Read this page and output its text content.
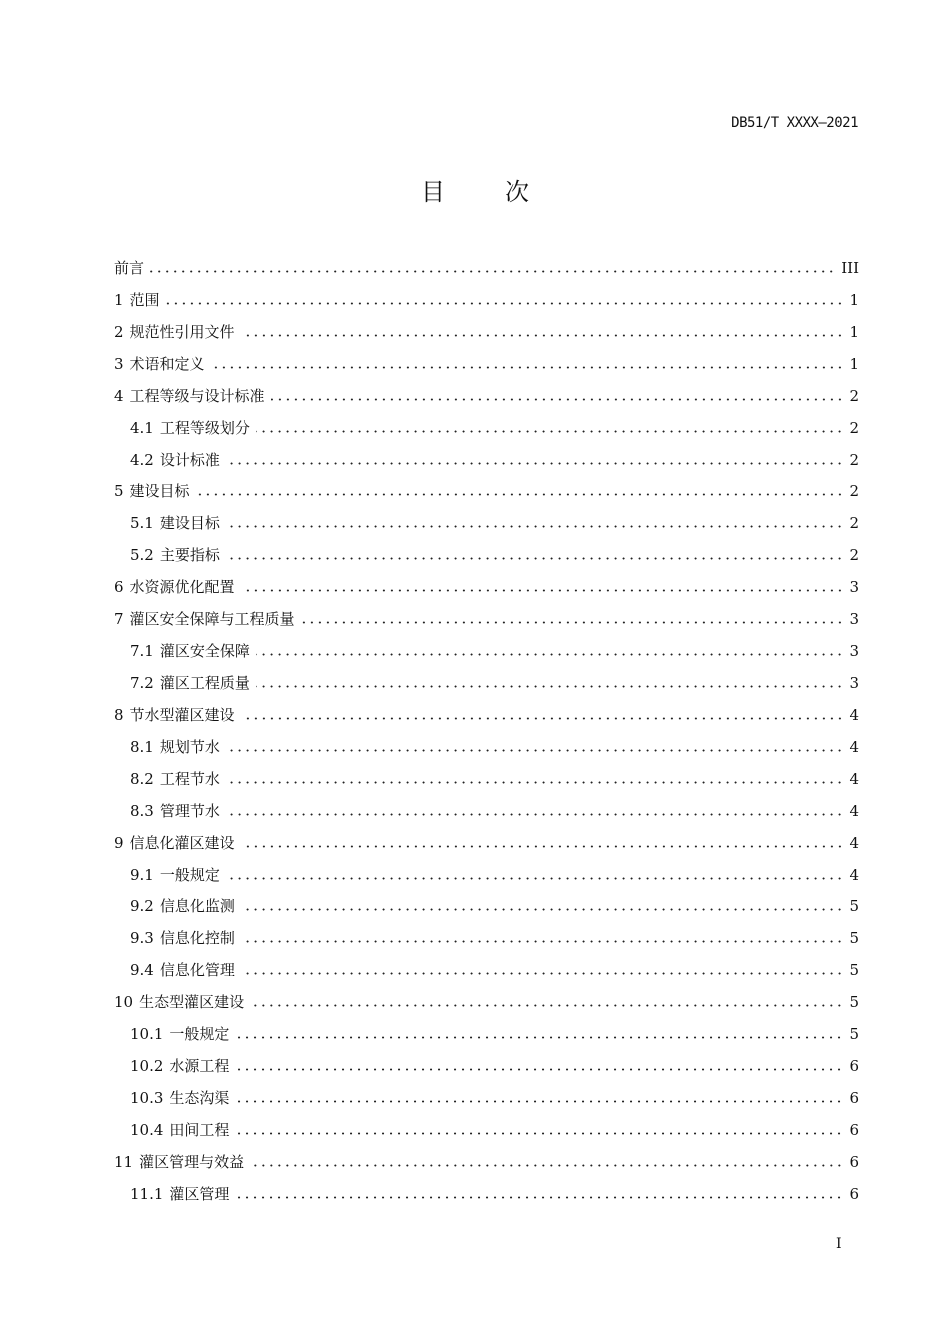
DB51/T XXXX—2021
目	次
前言	III
1 范围	1
2 规范性引用文件	1
3 术语和定义	1
4 工程等级与设计标准	2
4.1 工程等级划分	2
4.2 设计标准	2
5 建设目标	2
5.1 建设目标	2
5.2 主要指标	2
6 水资源优化配置	3
7 灌区安全保障与工程质量	3
7.1 灌区安全保障	3
7.2 灌区工程质量	3
8 节水型灌区建设	4
8.1 规划节水	4
8.2 工程节水	4
8.3 管理节水	4
9 信息化灌区建设	4
9.1 一般规定	4
9.2 信息化监测	5
9.3 信息化控制	5
9.4 信息化管理	5
10 生态型灌区建设	5
10.1 一般规定	5
10.2 水源工程	6
10.3 生态沟渠	6
10.4 田间工程	6
11 灌区管理与效益	6
11.1 灌区管理	6
I
